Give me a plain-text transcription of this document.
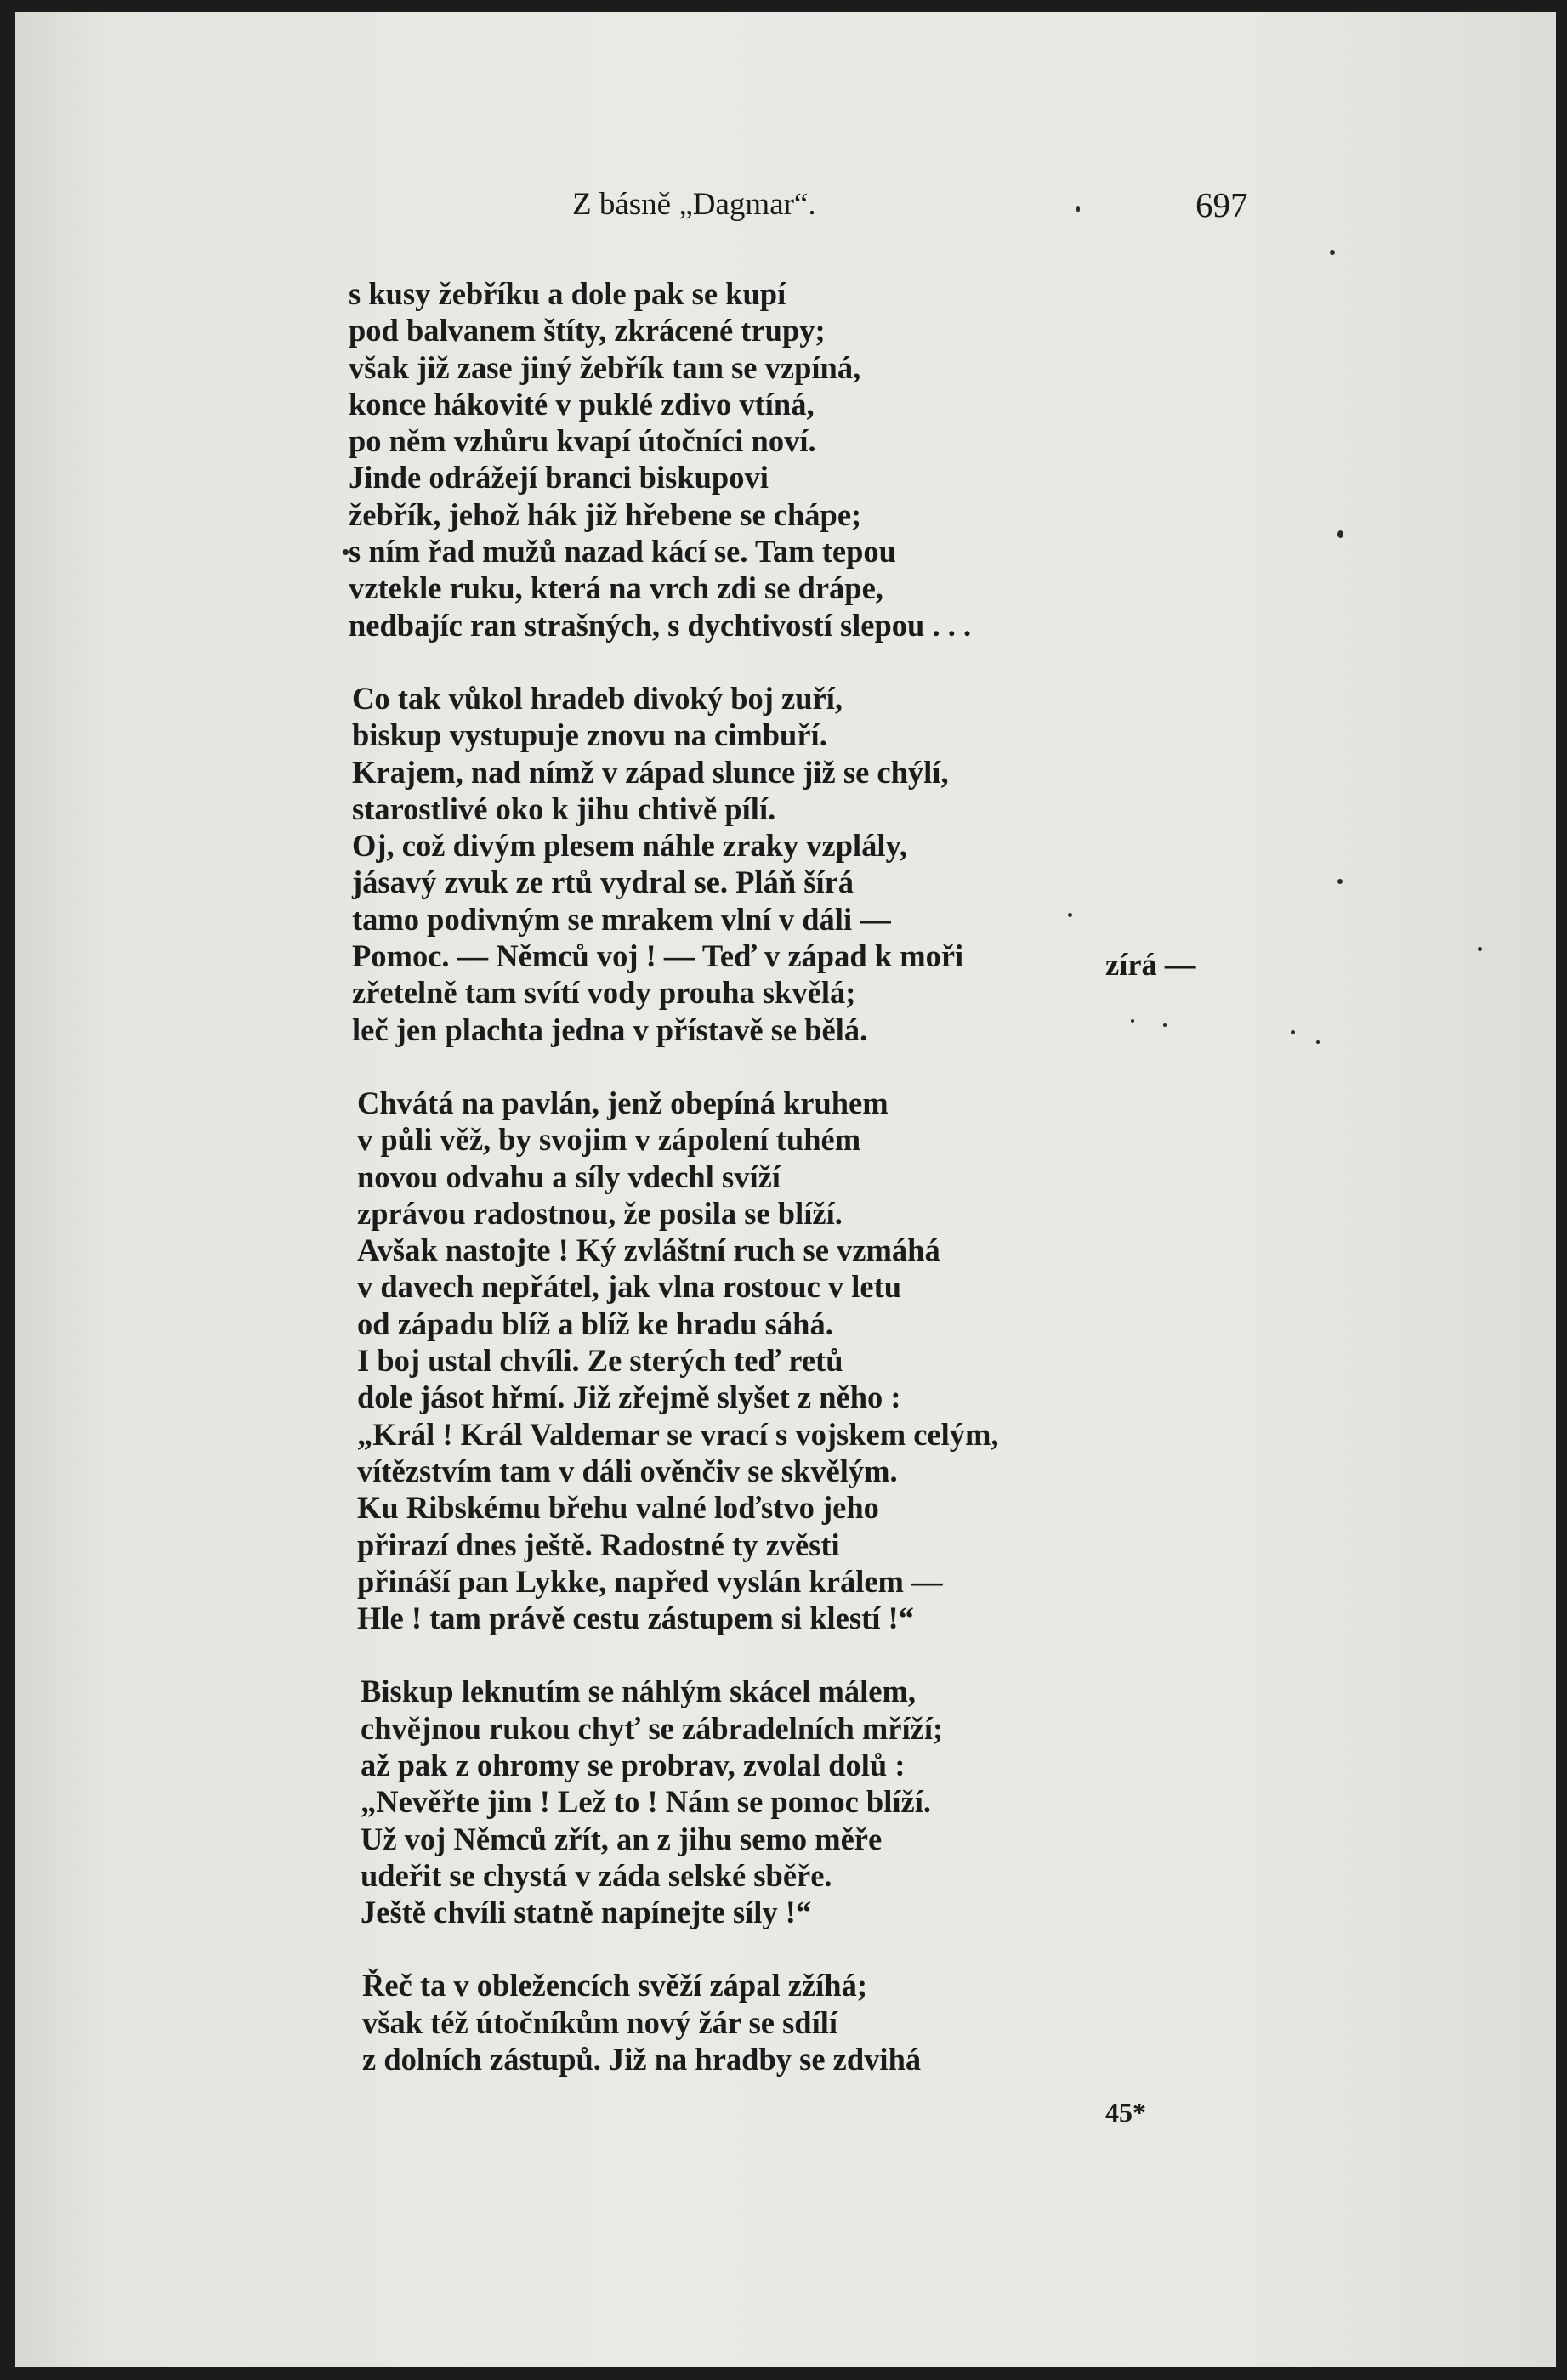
Z básně „Dagmar“.	697
s kusy žebříku a dole pak se kupí
pod balvanem štíty, zkrácené trupy;
však již zase jiný žebřík tam se vzpíná,
konce hákovité v puklé zdivo vtíná,
po něm vzhůru kvapí útočníci noví.
Jinde odrážejí branci biskupovi
žebřík, jehož hák již hřebene se chápe;
s ním řad mužů nazad kácí se. Tam tepou
vztekle ruku, která na vrch zdi se drápe,
nedbajíc ran strašných, s dychtivostí slepou . . .
Co tak vůkol hradeb divoký boj zuří,
biskup vystupuje znovu na cimbuří.
Krajem, nad nímž v západ slunce již se chýlí,
starostlivé oko k jihu chtivě pílí.
Oj, což divým plesem náhle zraky vzplály,
jásavý zvuk ze rtů vydral se. Pláň šírá
tamo podivným se mrakem vlní v dáli —
Pomoc. — Němců voj ! — Teď v západ k moři
zřetelně tam svítí vody prouha skvělá;
leč jen plachta jedna v přístavě se bělá.
Chvátá na pavlán, jenž obepíná kruhem
v půli věž, by svojim v zápolení tuhém
novou odvahu a síly vdechl svíží
zprávou radostnou, že posila se blíží.
Avšak nastojte ! Ký zvláštní ruch se vzmáhá
v davech nepřátel, jak vlna rostouc v letu
od západu blíž a blíž ke hradu sáhá.
I boj ustal chvíli. Ze sterých teď retů
dole jásot hřmí. Již zřejmě slyšet z něho :
„Král ! Král Valdemar se vrací s vojskem celým,
vítězstvím tam v dáli ověnčiv se skvělým.
Ku Ribskému břehu valné loďstvo jeho
přirazí dnes ještě. Radostné ty zvěsti
přináší pan Lykke, napřed vyslán králem —
Hle ! tam právě cestu zástupem si klestí !“
Biskup leknutím se náhlým skácel málem,
chvějnou rukou chyť se zábradelních mříží;
až pak z ohromy se probrav, zvolal dolů :
„Nevěřte jim ! Lež to ! Nám se pomoc blíží.
Už voj Němců zřít, an z jihu semo měře
udeřit se chystá v záda selské sběře.
Ještě chvíli statně napínejte síly !“
Řeč ta v obležencích svěží zápal zžíhá;
však též útočníkům nový žár se sdílí
z dolních zástupů. Již na hradby se zdvihá
zírá —
45*
